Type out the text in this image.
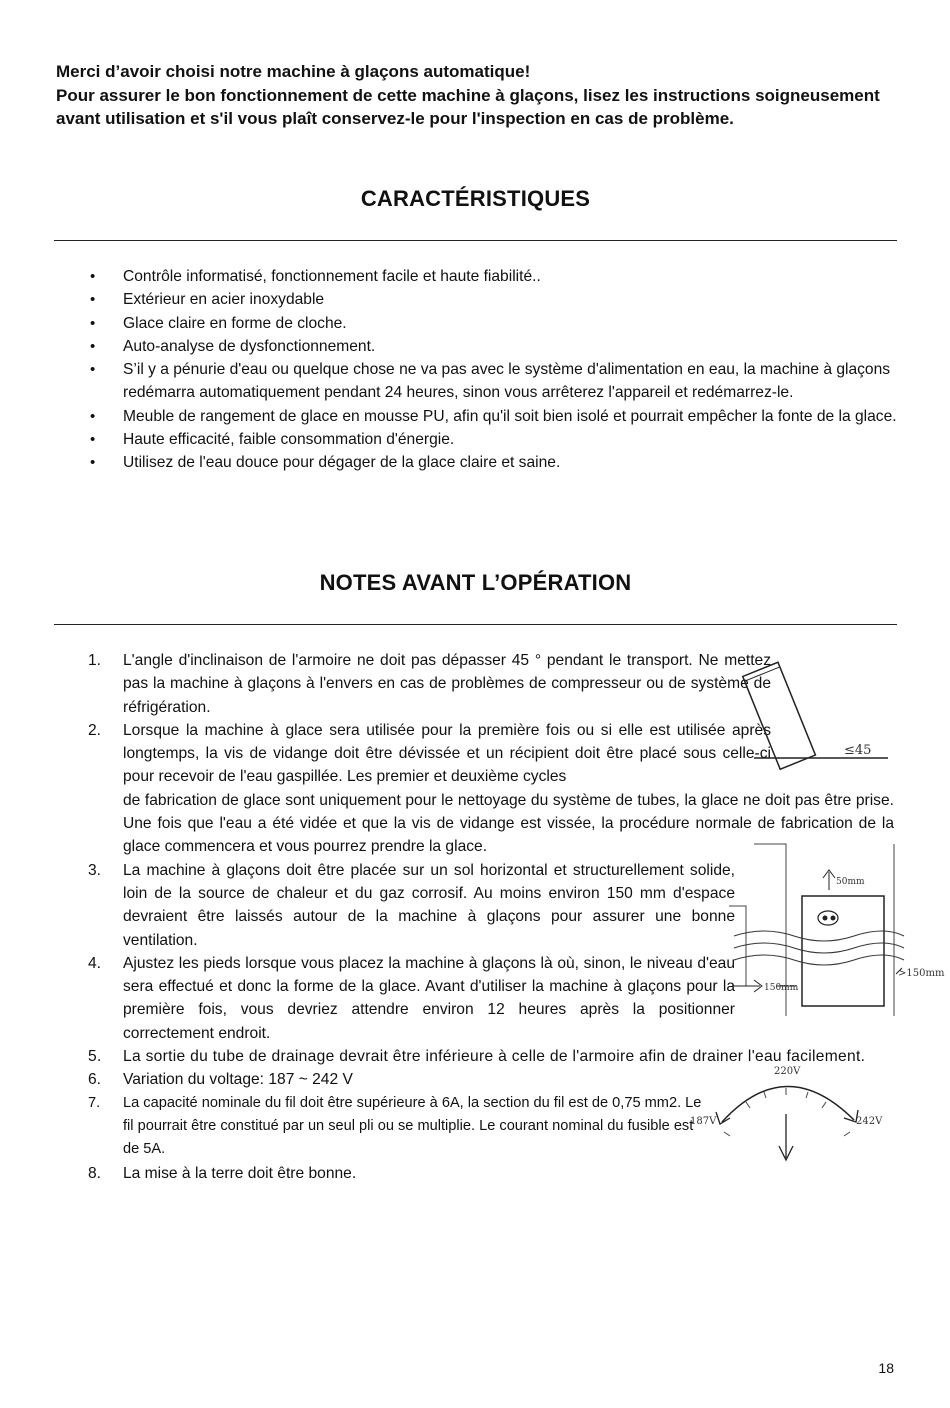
Merci d’avoir choisi notre machine à glaçons automatique!
Pour assurer le bon fonctionnement de cette machine à glaçons, lisez les instructions soigneusement avant utilisation et s'il vous plaît conservez-le pour l'inspection en cas de problème.
CARACTÉRISTIQUES
• Contrôle informatisé, fonctionnement facile et haute fiabilité..
• Extérieur en acier inoxydable
• Glace claire en forme de cloche.
• Auto-analyse de dysfonctionnement.
• S’il y a pénurie d'eau ou quelque chose ne va pas avec le système d'alimentation en eau, la machine à glaçons redémarra automatiquement pendant 24 heures, sinon vous arrêterez l'appareil et redémarrez-le.
• Meuble de rangement de glace en mousse PU, afin qu'il soit bien isolé et pourrait empêcher la fonte de la glace.
• Haute efficacité, faible consommation d'énergie.
• Utilisez de l'eau douce pour dégager de la glace claire et saine.
NOTES AVANT L’OPÉRATION
1. L'angle d'inclinaison de l'armoire ne doit pas dépasser 45 ° pendant le transport. Ne mettez pas la machine à glaçons à l'envers en cas de problèmes de compresseur ou de système de réfrigération.
2. Lorsque la machine à glace sera utilisée pour la première fois ou si elle est utilisée après longtemps, la vis de vidange doit être dévissée et un récipient doit être placé sous celle-ci pour recevoir de l'eau gaspillée. Les premier et deuxième cycles
de fabrication de glace sont uniquement pour le nettoyage du système de tubes, la glace ne doit pas être prise. Une fois que l'eau a été vidée et que la vis de vidange est vissée, la procédure normale de fabrication de la glace commencera et vous pourrez prendre la glace.
3. La machine à glaçons doit être placée sur un sol horizontal et structurellement solide, loin de la source de chaleur et du gaz corrosif. Au moins environ 150 mm d'espace devraient être laissés autour de la machine à glaçons pour assurer une bonne ventilation.
4. Ajustez les pieds lorsque vous placez la machine à glaçons là où, sinon, le niveau d'eau sera effectué et donc la forme de la glace. Avant d'utiliser la machine à glaçons pour la première fois, vous devriez attendre environ 12 heures après la positionner correctement endroit.
5. La sortie du tube de drainage devrait être inférieure à celle de l'armoire afin de drainer l'eau facilement.
6. Variation du voltage: 187 ~ 242 V
7. La capacité nominale du fil doit être supérieure à 6A, la section du fil est de 0,75 mm2. Le fil pourrait être constitué par un seul pli ou se multiplie. Le courant nominal du fusible est de 5A.
8. La mise à la terre doit être bonne.
≤45
50mm
150mm
>150mm
187V
220V
242V
18
